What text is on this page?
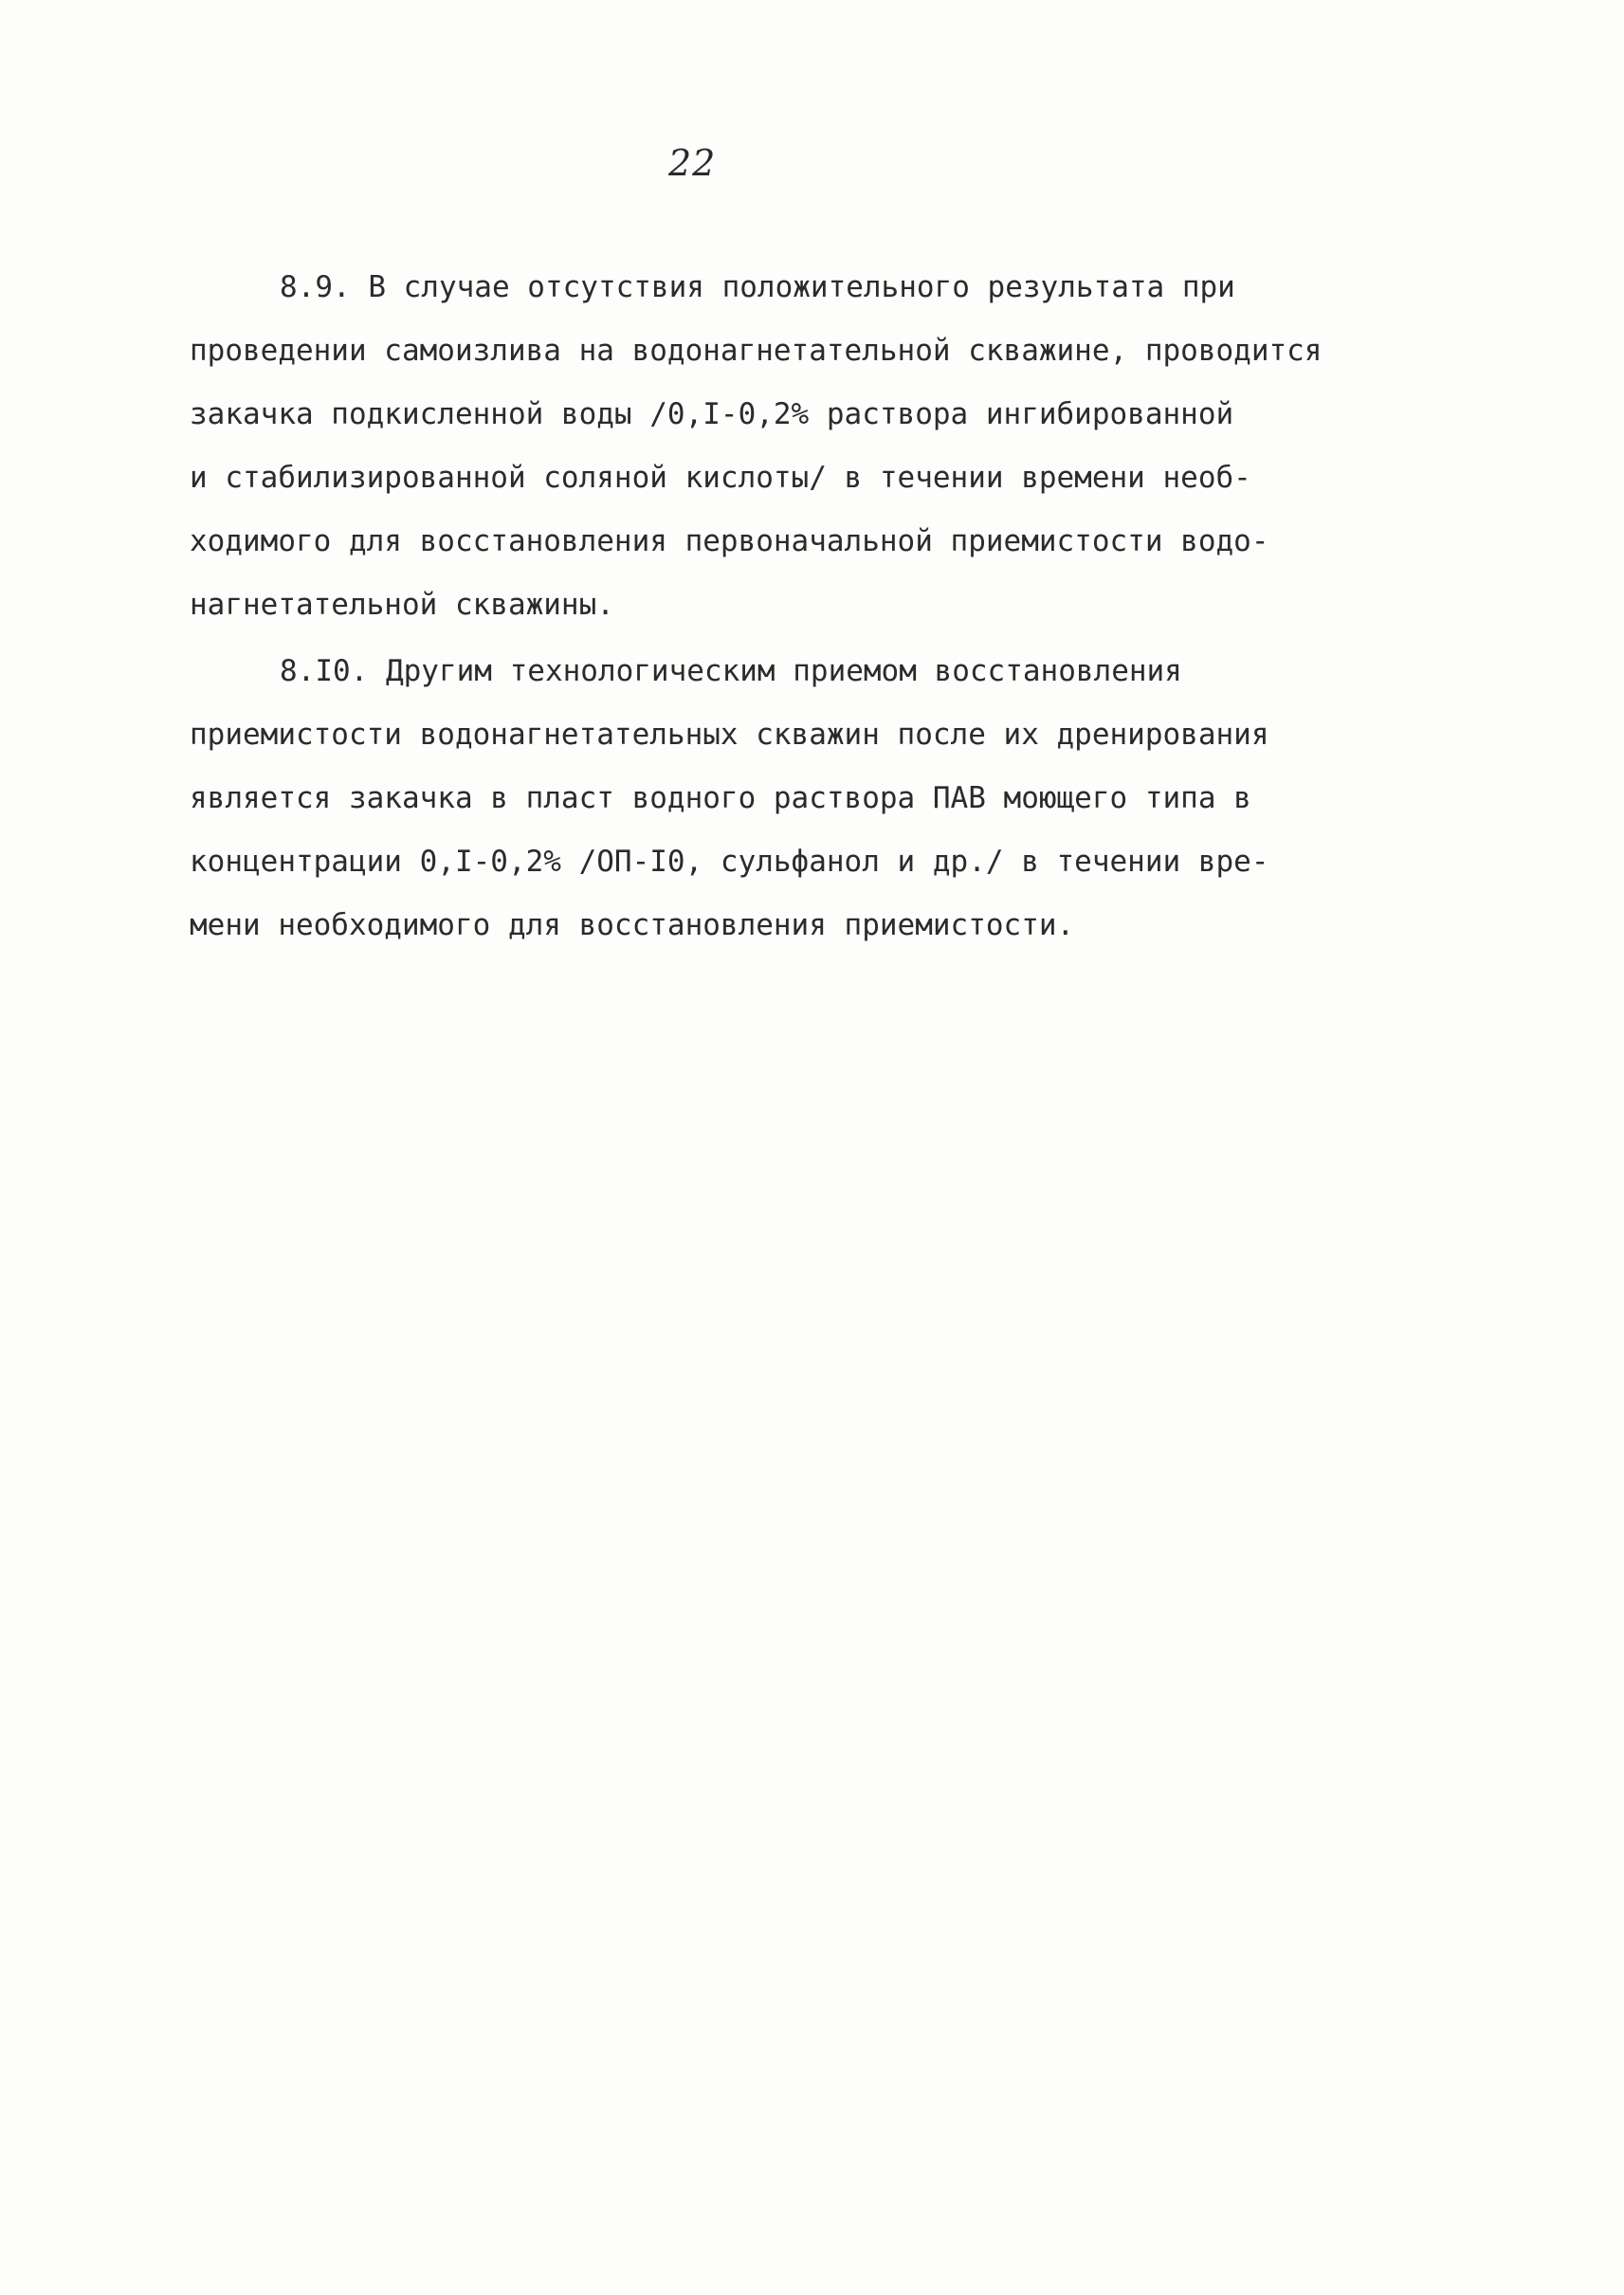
22
8.9. В случае отсутствия положительного результата при
проведении самоизлива на водонагнетательной скважине, проводится
закачка подкисленной воды /0,I-0,2% раствора ингибированной
и стабилизированной соляной кислоты/ в течении времени необ-
ходимого для восстановления первоначальной приемистости водо-
нагнетательной скважины.
8.I0. Другим технологическим приемом восстановления
приемистости водонагнетательных скважин после их дренирования
является закачка в пласт водного раствора ПАВ моющего типа в
концентрации 0,I-0,2% /ОП-I0, сульфанол и др./ в течении вре-
мени необходимого для восстановления приемистости.
